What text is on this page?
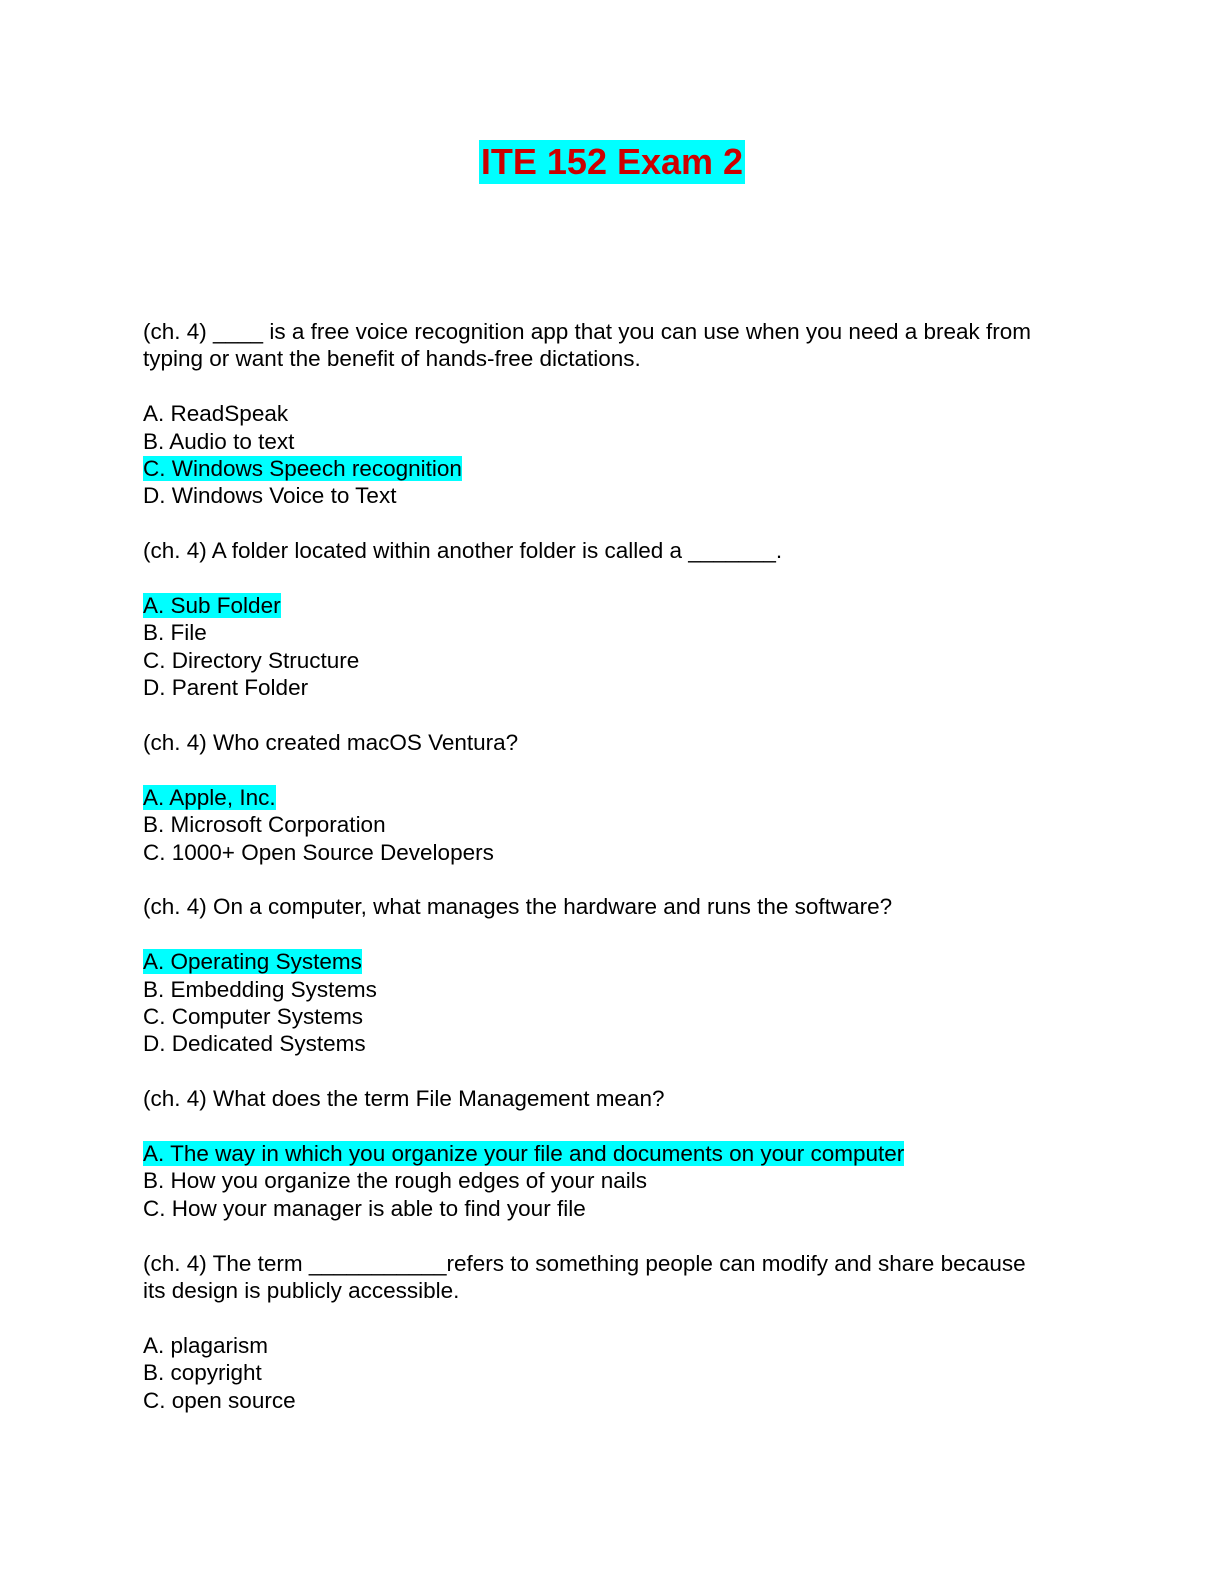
ITE 152 Exam 2
(ch. 4) ____ is a free voice recognition app that you can use when you need a break from typing or want the benefit of hands-free dictations.
A. ReadSpeak
B. Audio to text
C. Windows Speech recognition
D. Windows Voice to Text
(ch. 4) A folder located within another folder is called a _______.
A. Sub Folder
B. File
C. Directory Structure
D. Parent Folder
(ch. 4) Who created macOS Ventura?
A. Apple, Inc.
B. Microsoft Corporation
C. 1000+ Open Source Developers
(ch. 4) On a computer, what manages the hardware and runs the software?
A. Operating Systems
B. Embedding Systems
C. Computer Systems
D. Dedicated Systems
(ch. 4) What does the term File Management mean?
A. The way in which you organize your file and documents on your computer
B. How you organize the rough edges of your nails
C. How your manager is able to find your file
(ch. 4) The term ___________refers to something people can modify and share because its design is publicly accessible.
A. plagarism
B. copyright
C. open source
